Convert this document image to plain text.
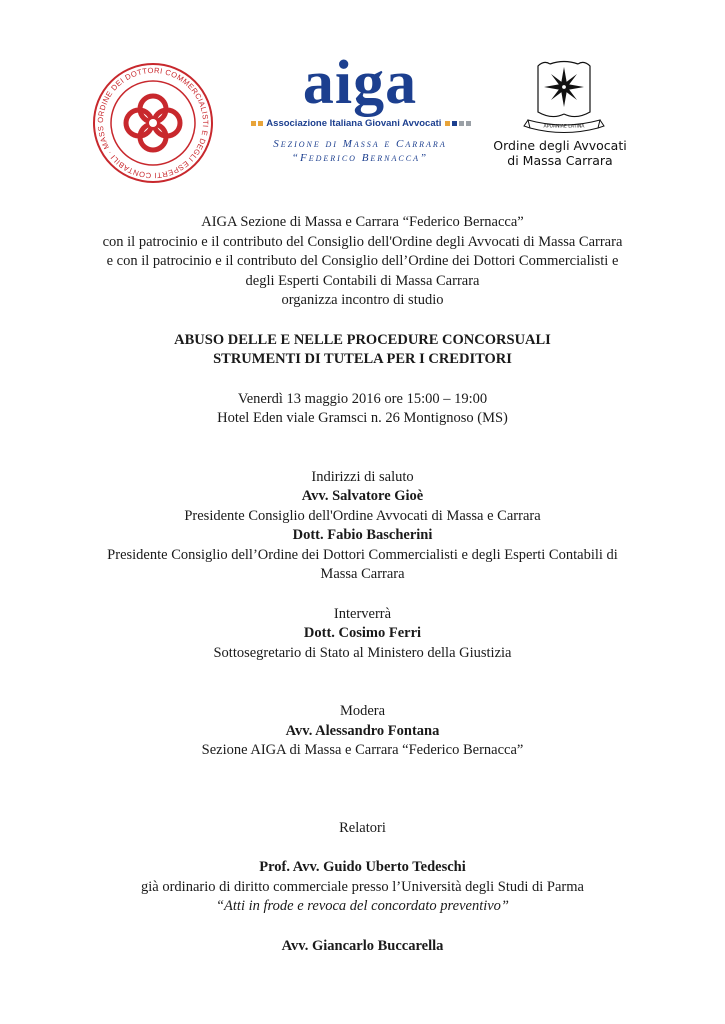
ORDINE DEI DOTTORI COMMERCIALISTI E DEGLI ESPERTI CONTABILI · MASS
aiga
Associazione Italiana Giovani Avvocati
Sezione di Massa e Carrara
“Federico Bernacca”
APUANIAE LATINA
Ordine degli Avvocati
di Massa Carrara

AIGA Sezione di Massa e Carrara “Federico Bernacca”

con il patrocinio e il contributo del Consiglio dell'Ordine degli Avvocati di Massa Carrara

e con il patrocinio e il contributo del Consiglio dell’Ordine dei Dottori Commercialisti e

degli Esperti Contabili di Massa Carrara

organizza incontro di studio

ABUSO DELLE E NELLE PROCEDURE CONCORSUALI

STRUMENTI DI TUTELA PER I CREDITORI

Venerdì 13 maggio 2016 ore 15:00 – 19:00

Hotel Eden viale Gramsci n. 26 Montignoso (MS)

Indirizzi di saluto

Avv. Salvatore Gioè

Presidente Consiglio dell'Ordine Avvocati di Massa e Carrara

Dott. Fabio Bascherini

Presidente Consiglio dell’Ordine dei Dottori Commercialisti e degli Esperti Contabili di

Massa Carrara

Interverrà

Dott. Cosimo Ferri

Sottosegretario di Stato al Ministero della Giustizia

Modera

Avv. Alessandro Fontana

Sezione AIGA di Massa e Carrara “Federico Bernacca”

Relatori

Prof. Avv. Guido Uberto Tedeschi

già ordinario di diritto commerciale presso l’Università degli Studi di Parma

“Atti in frode e revoca del concordato preventivo”

Avv. Giancarlo Buccarella
